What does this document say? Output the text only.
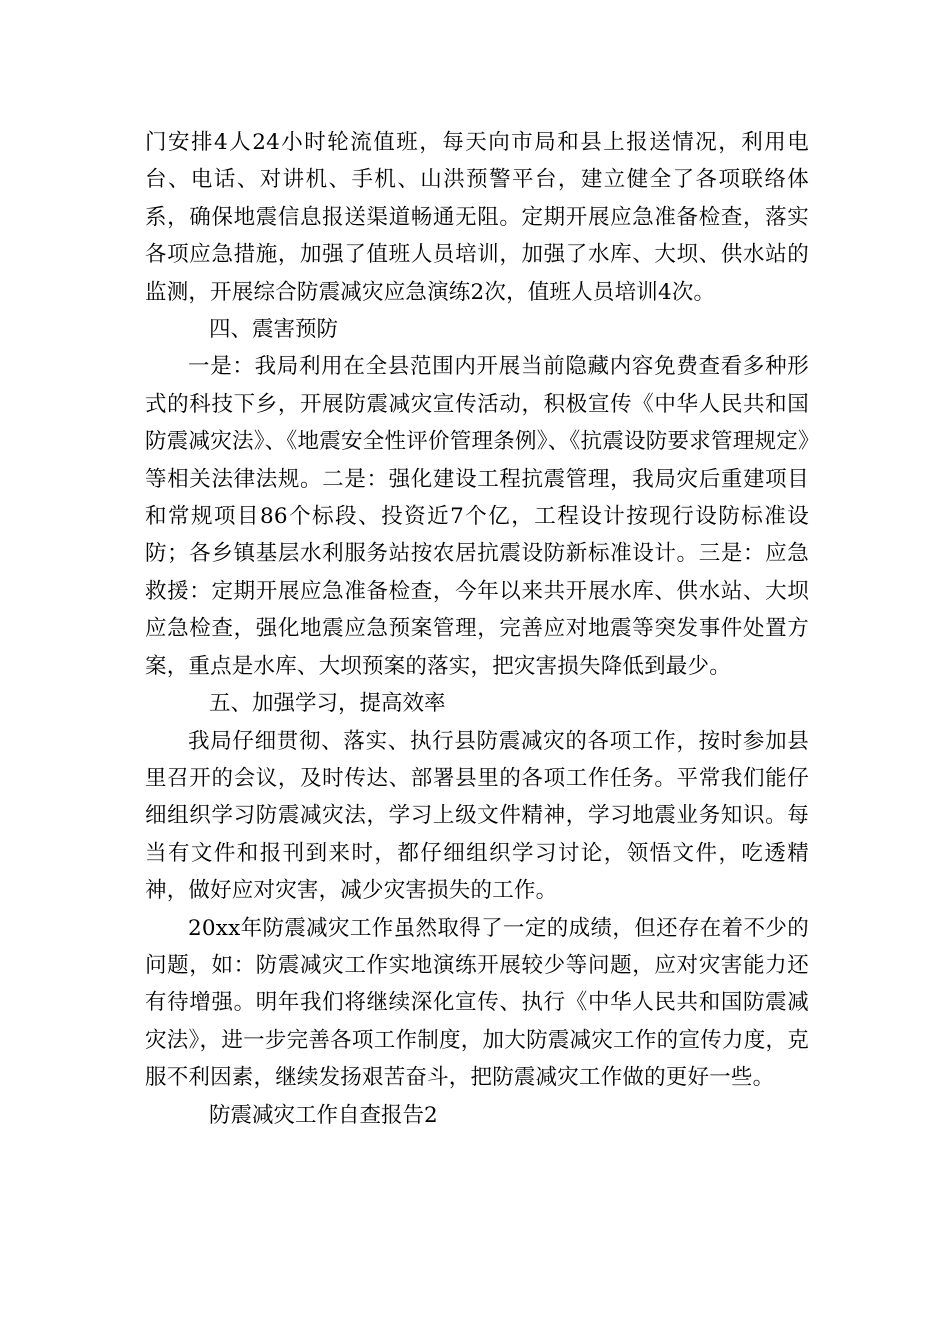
门安排4人24小时轮流值班，每天向市局和县上报送情况，利用电台、电话、对讲机、手机、山洪预警平台，建立健全了各项联络体系，确保地震信息报送渠道畅通无阻。定期开展应急准备检查，落实各项应急措施，加强了值班人员培训，加强了水库、大坝、供水站的监测，开展综合防震减灾应急演练2次，值班人员培训4次。

四、震害预防

一是：我局利用在全县范围内开展当前隐藏内容免费查看多种形式的科技下乡，开展防震减灾宣传活动，积极宣传《中华人民共和国防震减灾法》、《地震安全性评价管理条例》、《抗震设防要求管理规定》等相关法律法规。二是：强化建设工程抗震管理，我局灾后重建项目和常规项目86个标段、投资近7个亿，工程设计按现行设防标准设防；各乡镇基层水利服务站按农居抗震设防新标准设计。三是：应急救援：定期开展应急准备检查，今年以来共开展水库、供水站、大坝应急检查，强化地震应急预案管理，完善应对地震等突发事件处置方案，重点是水库、大坝预案的落实，把灾害损失降低到最少。

五、加强学习，提高效率

我局仔细贯彻、落实、执行县防震减灾的各项工作，按时参加县里召开的会议，及时传达、部署县里的各项工作任务。平常我们能仔细组织学习防震减灾法，学习上级文件精神，学习地震业务知识。每当有文件和报刊到来时，都仔细组织学习讨论，领悟文件，吃透精神，做好应对灾害，减少灾害损失的工作。

20xx年防震减灾工作虽然取得了一定的成绩，但还存在着不少的问题，如：防震减灾工作实地演练开展较少等问题，应对灾害能力还有待增强。明年我们将继续深化宣传、执行《中华人民共和国防震减灾法》，进一步完善各项工作制度，加大防震减灾工作的宣传力度，克服不利因素，继续发扬艰苦奋斗，把防震减灾工作做的更好一些。

防震减灾工作自查报告2
